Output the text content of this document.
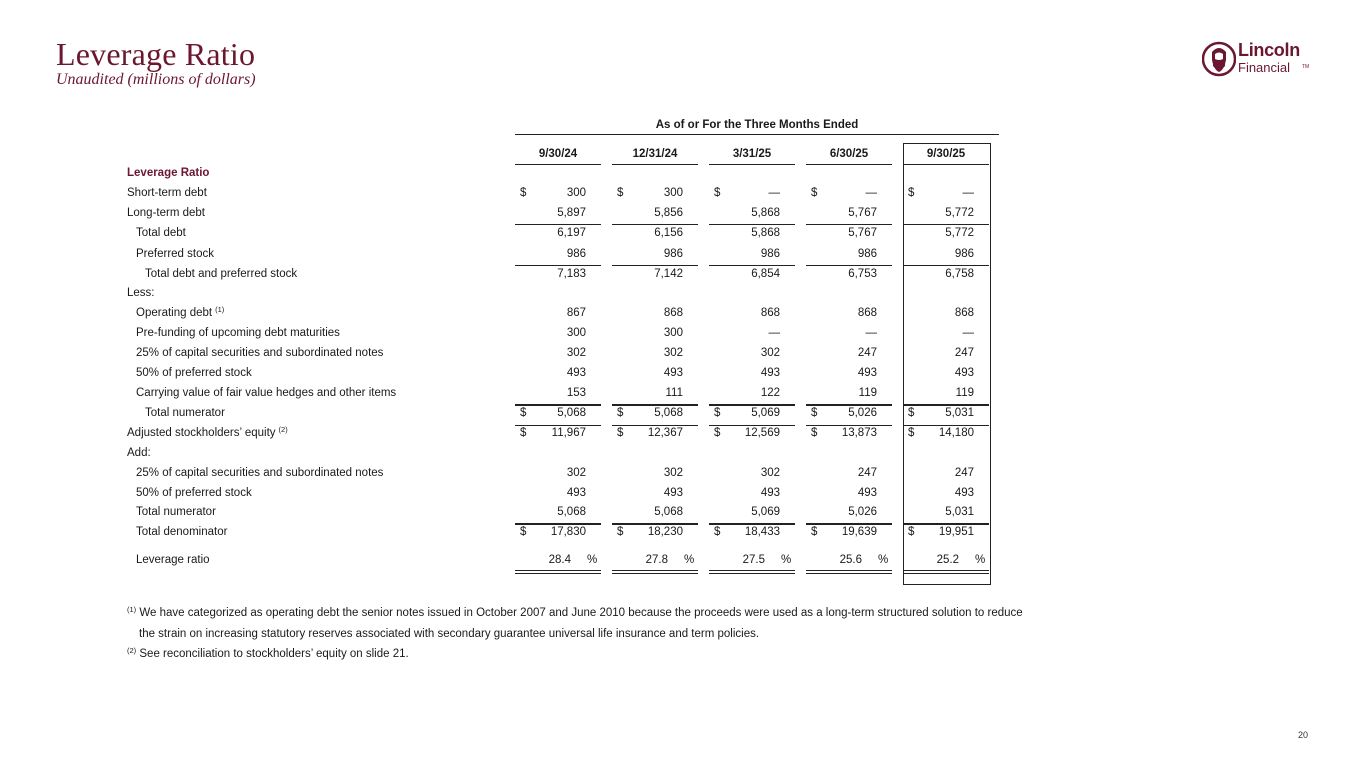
Leverage Ratio
Unaudited (millions of dollars)
Lincoln
Financial TM
As of or For the Three Months Ended
9/30/24	12/31/24	3/31/25	6/30/25	9/30/25
Leverage Ratio
Short-term debt	$	300	$	300	$	—	$	—	$	—
Long-term debt	5,897	5,856	5,868	5,767	5,772
Total debt	6,197	6,156	5,868	5,767	5,772
Preferred stock	986	986	986	986	986
Total debt and preferred stock	7,183	7,142	6,854	6,753	6,758
Less:
Operating debt $^{(1)}$	867	868	868	868	868
Pre-funding of upcoming debt maturities	300	300	—	—	—
25% of capital securities and subordinated notes	302	302	302	247	247
50% of preferred stock	493	493	493	493	493
Carrying value of fair value hedges and other items	153	111	122	119	119
Total numerator	$	5,068	$	5,068	$	5,069	$	5,026	$	5,031
Adjusted stockholders’ equity $^{(2)}$	$	11,967	$	12,367	$	12,569	$	13,873	$	14,180
Add:
25% of capital securities and subordinated notes	302	302	302	247	247
50% of preferred stock	493	493	493	493	493
Total numerator	5,068	5,068	5,069	5,026	5,031
Total denominator	$	17,830	$	18,230	$	18,433	$	19,639	$	19,951
Leverage ratio	28.4 %	27.8 %	27.5 %	25.6 %	25.2 %
$^{(1)}$ We have categorized as operating debt the senior notes issued in October 2007 and June 2010 because the proceeds were used as a long-term structured solution to reduce
the strain on increasing statutory reserves associated with secondary guarantee universal life insurance and term policies.
$^{(2)}$ See reconciliation to stockholders’ equity on slide 21.
20
